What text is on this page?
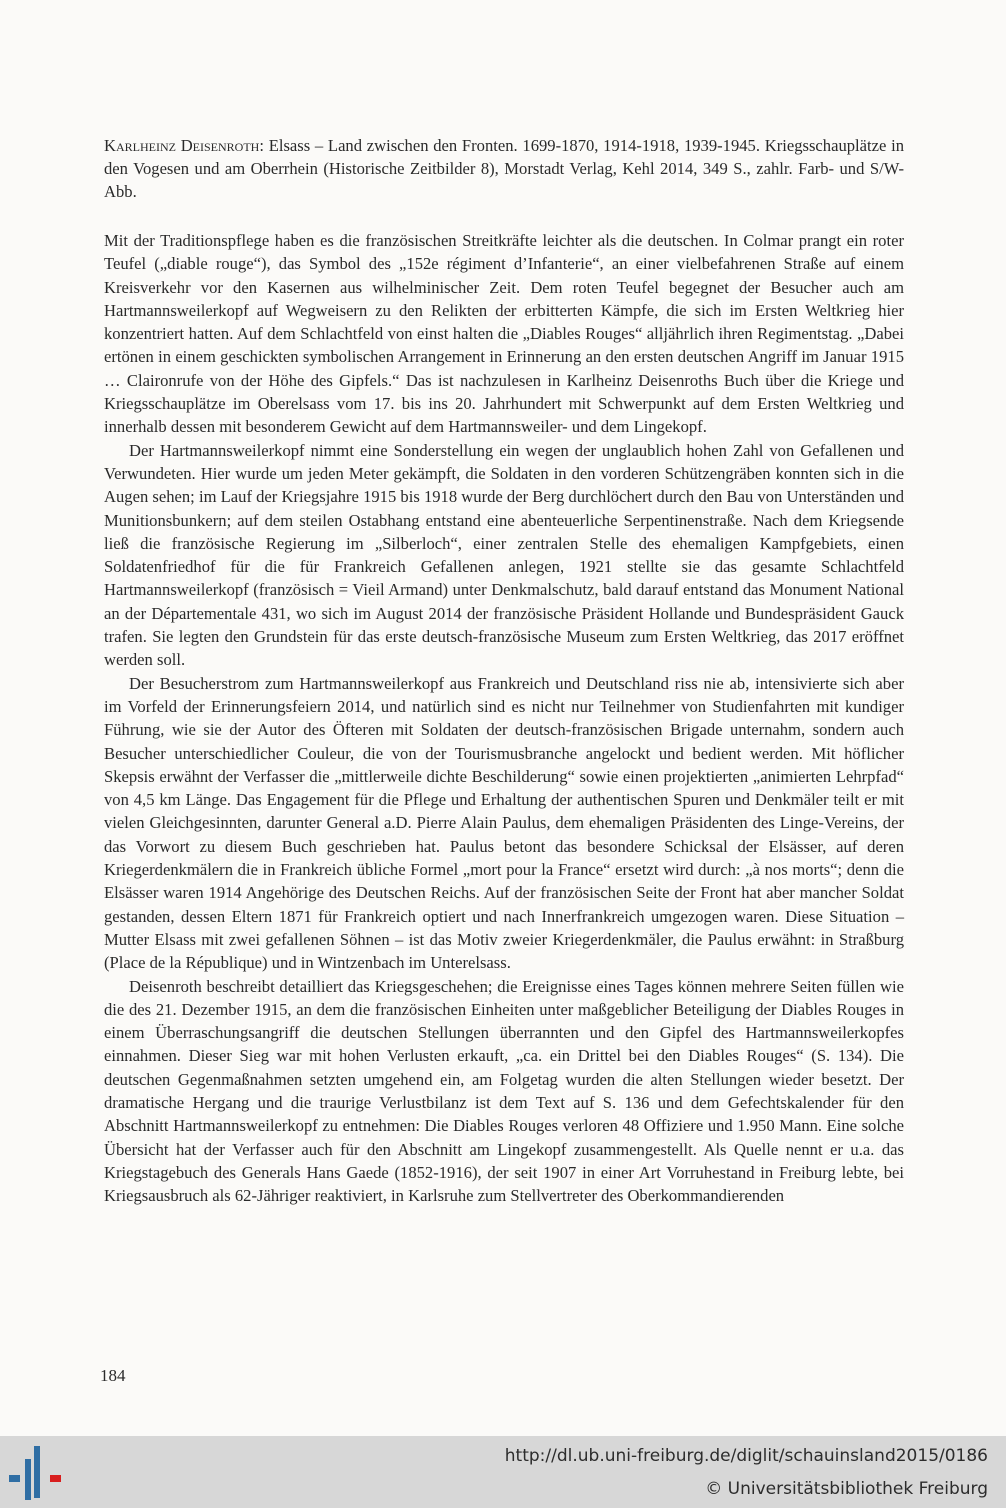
Karlheinz Deisenroth: Elsass – Land zwischen den Fronten. 1699-1870, 1914-1918, 1939-1945. Kriegsschauplätze in den Vogesen und am Oberrhein (Historische Zeitbilder 8), Morstadt Verlag, Kehl 2014, 349 S., zahlr. Farb- und S/W-Abb.

Mit der Traditionspflege haben es die französischen Streitkräfte leichter als die deutschen. In Colmar prangt ein roter Teufel („diable rouge“), das Symbol des „152e régiment d’Infanterie“, an einer vielbefahrenen Straße auf einem Kreisverkehr vor den Kasernen aus wilhelminischer Zeit. Dem roten Teufel begegnet der Besucher auch am Hartmannsweilerkopf auf Wegweisern zu den Relikten der erbitterten Kämpfe, die sich im Ersten Weltkrieg hier konzentriert hatten. Auf dem Schlachtfeld von einst halten die „Diables Rouges“ alljährlich ihren Regimentstag. „Dabei ertönen in einem geschickten symbolischen Arrangement in Erinnerung an den ersten deutschen Angriff im Januar 1915 … Claironrufe von der Höhe des Gipfels.“ Das ist nachzulesen in Karlheinz Deisenroths Buch über die Kriege und Kriegsschauplätze im Oberelsass vom 17. bis ins 20. Jahrhundert mit Schwerpunkt auf dem Ersten Weltkrieg und innerhalb dessen mit besonderem Gewicht auf dem Hartmannsweiler- und dem Lingekopf.

Der Hartmannsweilerkopf nimmt eine Sonderstellung ein wegen der unglaublich hohen Zahl von Gefallenen und Verwundeten. Hier wurde um jeden Meter gekämpft, die Soldaten in den vorderen Schützengräben konnten sich in die Augen sehen; im Lauf der Kriegsjahre 1915 bis 1918 wurde der Berg durchlöchert durch den Bau von Unterständen und Munitionsbunkern; auf dem steilen Ostabhang entstand eine abenteuerliche Serpentinenstraße. Nach dem Kriegsende ließ die französische Regierung im „Silberloch“, einer zentralen Stelle des ehemaligen Kampfgebiets, einen Soldatenfriedhof für die für Frankreich Gefallenen anlegen, 1921 stellte sie das gesamte Schlachtfeld Hartmannsweilerkopf (französisch = Vieil Armand) unter Denkmalschutz, bald darauf entstand das Monument National an der Départementale 431, wo sich im August 2014 der französische Präsident Hollande und Bundespräsident Gauck trafen. Sie legten den Grundstein für das erste deutsch-französische Museum zum Ersten Weltkrieg, das 2017 eröffnet werden soll.

Der Besucherstrom zum Hartmannsweilerkopf aus Frankreich und Deutschland riss nie ab, intensivierte sich aber im Vorfeld der Erinnerungsfeiern 2014, und natürlich sind es nicht nur Teilnehmer von Studienfahrten mit kundiger Führung, wie sie der Autor des Öfteren mit Soldaten der deutsch-französischen Brigade unternahm, sondern auch Besucher unterschiedlicher Couleur, die von der Tourismusbranche angelockt und bedient werden. Mit höflicher Skepsis erwähnt der Verfasser die „mittlerweile dichte Beschilderung“ sowie einen projektierten „animierten Lehrpfad“ von 4,5 km Länge. Das Engagement für die Pflege und Erhaltung der authentischen Spuren und Denkmäler teilt er mit vielen Gleichgesinnten, darunter General a.D. Pierre Alain Paulus, dem ehemaligen Präsidenten des Linge-Vereins, der das Vorwort zu diesem Buch geschrieben hat. Paulus betont das besondere Schicksal der Elsässer, auf deren Kriegerdenkmälern die in Frankreich übliche Formel „mort pour la France“ ersetzt wird durch: „à nos morts“; denn die Elsässer waren 1914 Angehörige des Deutschen Reichs. Auf der französischen Seite der Front hat aber mancher Soldat gestanden, dessen Eltern 1871 für Frankreich optiert und nach Innerfrankreich umgezogen waren. Diese Situation – Mutter Elsass mit zwei gefallenen Söhnen – ist das Motiv zweier Kriegerdenkmäler, die Paulus erwähnt: in Straßburg (Place de la République) und in Wintzenbach im Unterelsass.

Deisenroth beschreibt detailliert das Kriegsgeschehen; die Ereignisse eines Tages können mehrere Seiten füllen wie die des 21. Dezember 1915, an dem die französischen Einheiten unter maßgeblicher Beteiligung der Diables Rouges in einem Überraschungsangriff die deutschen Stellungen überrannten und den Gipfel des Hartmannsweilerkopfes einnahmen. Dieser Sieg war mit hohen Verlusten erkauft, „ca. ein Drittel bei den Diables Rouges“ (S. 134). Die deutschen Gegenmaßnahmen setzten umgehend ein, am Folgetag wurden die alten Stellungen wieder besetzt. Der dramatische Hergang und die traurige Verlustbilanz ist dem Text auf S. 136 und dem Gefechtskalender für den Abschnitt Hartmannsweilerkopf zu entnehmen: Die Diables Rouges verloren 48 Offiziere und 1.950 Mann. Eine solche Übersicht hat der Verfasser auch für den Abschnitt am Lingekopf zusammengestellt. Als Quelle nennt er u.a. das Kriegstagebuch des Generals Hans Gaede (1852-1916), der seit 1907 in einer Art Vorruhestand in Freiburg lebte, bei Kriegsausbruch als 62-Jähriger reaktiviert, in Karlsruhe zum Stellvertreter des Oberkommandierenden

184
http://dl.ub.uni-freiburg.de/diglit/schauinsland2015/0186
© Universitätsbibliothek Freiburg
